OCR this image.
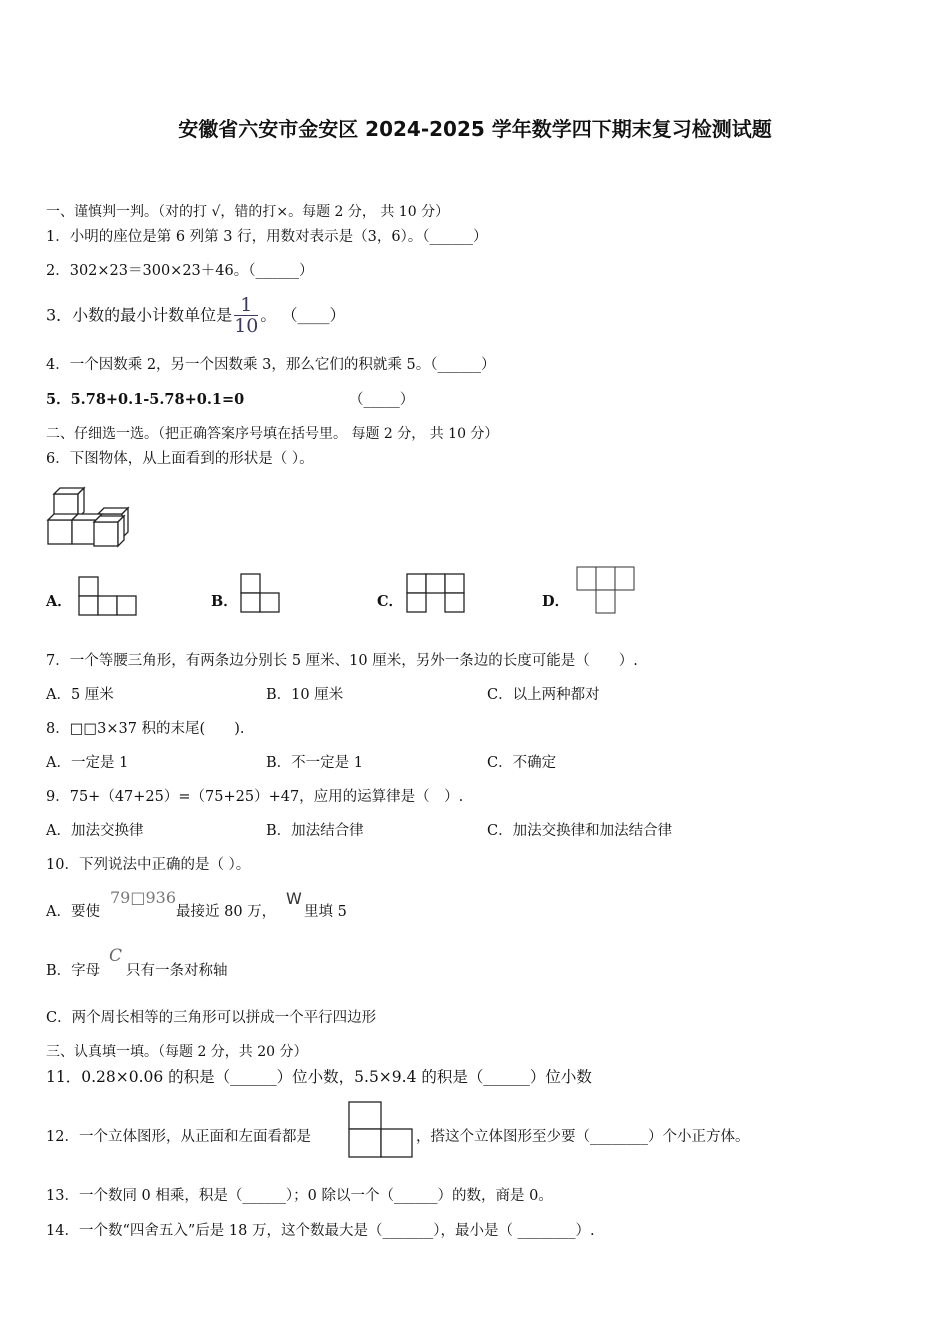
安徽省六安市金安区 2024-2025 学年数学四下期末复习检测试题
一、谨慎判一判。（对的打 √，错的打×。每题 2 分， 共 10 分）
1．小明的座位是第 6 列第 3 行，用数对表示是（3，6）。（______）
2．302×23＝300×23＋46。（______）
3．小数的最小计数单位是 $\frac{1}{10}$ 。 （____）
4．一个因数乘 2，另一个因数乘 3，那么它们的积就乘 5。（______）
5．5.78+0.1-5.78+0.1=0	（_____）
二、仔细选一选。（把正确答案序号填在括号里。 每题 2 分， 共 10 分）
6．下图物体，从上面看到的形状是（ ）。
A．	B．	C．	D．
7．一个等腰三角形，有两条边分别长 5 厘米、10 厘米，另外一条边的长度可能是（　　）.
A．5 厘米	B．10 厘米	C．以上两种都对
8．□□3×37 积的末尾(　　).
A．一定是 1	B．不一定是 1	C．不确定
9．75+（47+25）=（75+25）+47，应用的运算律是（　）.
A．加法交换律	B．加法结合律	C．加法交换律和加法结合律
10．下列说法中正确的是（ ）。
A．要使
79□936
最接近 80 万，
W
里填 5
B．字母
C
只有一条对称轴
C．两个周长相等的三角形可以拼成一个平行四边形
三、认真填一填。（每题 2 分，共 20 分）
11．0.28×0.06 的积是（______）位小数，5.5×9.4 的积是（______）位小数
12．一个立体图形，从正面和左面看都是	，搭这个立体图形至少要（________）个小正方体。
13．一个数同 0 相乘，积是（______）；0 除以一个（______）的数，商是 0。
14．一个数“四舍五入”后是 18 万，这个数最大是（_______），最小是（ ________）.
